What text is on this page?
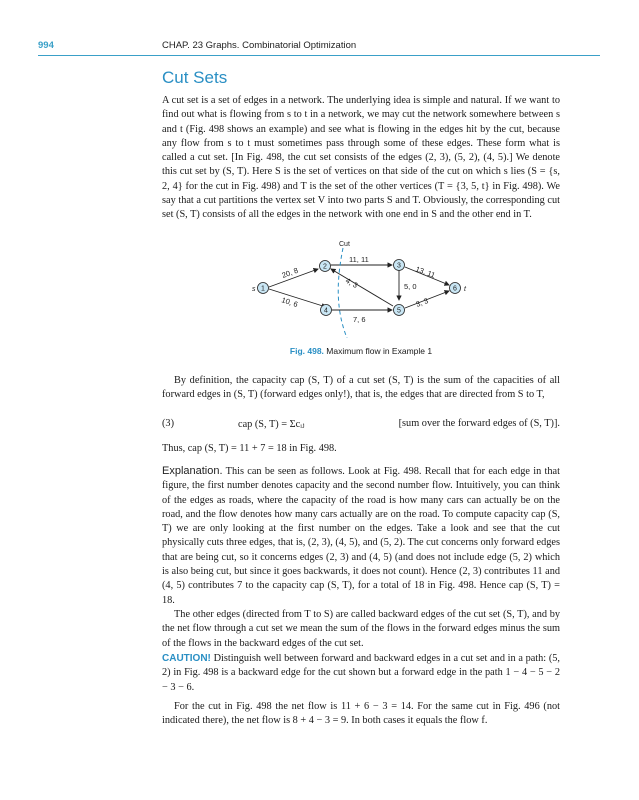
994	CHAP. 23 Graphs. Combinatorial Optimization
Cut Sets

A cut set is a set of edges in a network. The underlying idea is simple and natural. If we want to find out what is flowing from s to t in a network, we may cut the network somewhere between s and t (Fig. 498 shows an example) and see what is flowing in the edges hit by the cut, because any flow from s to t must sometimes pass through some of these edges. These form what is called a cut set. [In Fig. 498, the cut set consists of the edges (2, 3), (5, 2), (4, 5).] We denote this cut set by (S, T). Here S is the set of vertices on that side of the cut on which s lies (S = {s, 2, 4} for the cut in Fig. 498) and T is the set of the other vertices (T = {3, 5, t} in Fig. 498). We say that a cut partitions the vertex set V into two parts S and T. Obviously, the corresponding cut set (S, T) consists of all the edges in the network with one end in S and the other end in T.

Cut
20, 8
10, 6
11, 11
4, 3	5, 0
13, 11
7, 6
3, 3
1
s
2	3
4	5
6 t
Fig. 498. Maximum flow in Example 1

By definition, the capacity cap (S, T) of a cut set (S, T) is the sum of the capacities of all forward edges in (S, T) (forward edges only!), that is, the edges that are directed from S to T,

(3)	cap (S, T) = Σcᵢⱼ	[sum over the forward edges of (S, T)].

Thus, cap (S, T) = 11 + 7 = 18 in Fig. 498.

Explanation. This can be seen as follows. Look at Fig. 498. Recall that for each edge in that figure, the first number denotes capacity and the second number flow. Intuitively, you can think of the edges as roads, where the capacity of the road is how many cars can actually be on the road, and the flow denotes how many cars actually are on the road. To compute capacity cap (S, T) we are only looking at the first number on the edges. Take a look and see that the cut physically cuts three edges, that is, (2, 3), (4, 5), and (5, 2). The cut concerns only forward edges that are being cut, so it concerns edges (2, 3) and (4, 5) (and does not include edge (5, 2) which is also being cut, but since it goes backwards, it does not count). Hence (2, 3) contributes 11 and (4, 5) contributes 7 to the capacity cap (S, T), for a total of 18 in Fig. 498. Hence cap (S, T) = 18.

The other edges (directed from T to S) are called backward edges of the cut set (S, T), and by the net flow through a cut set we mean the sum of the flows in the forward edges minus the sum of the flows in the backward edges of the cut set.

CAUTION! Distinguish well between forward and backward edges in a cut set and in a path: (5, 2) in Fig. 498 is a backward edge for the cut shown but a forward edge in the path 1 − 4 − 5 − 2 − 3 − 6.

For the cut in Fig. 498 the net flow is 11 + 6 − 3 = 14. For the same cut in Fig. 496 (not indicated there), the net flow is 8 + 4 − 3 = 9. In both cases it equals the flow f.
